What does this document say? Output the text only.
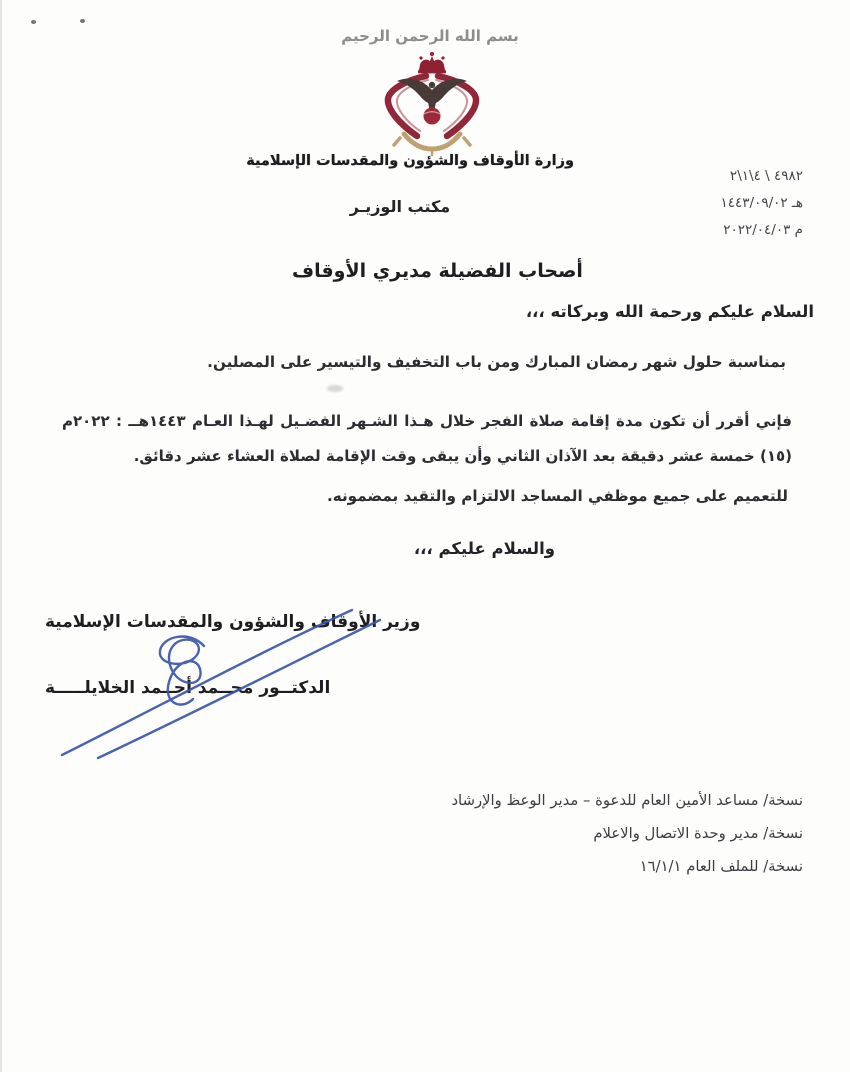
بسم الله الرحمن الرحيم
وزارة الأوقاف والشؤون والمقدسات الإسلامية
مكتب الوزيـر
٤٩٨٢ \ ٤\١\٢
هـ ١٤٤٣/٠٩/٠٢
م ٢٠٢٢/٠٤/٠٣
أصحاب الفضيلة مديري الأوقاف
السلام عليكم ورحمة الله وبركاته ،،،
بمناسبة حلول شهر رمضان المبارك ومن باب التخفيف والتيسير على المصلين.
فإني أقرر أن تكون مدة إقامة صلاة الفجر خلال هـذا الشـهر الفضـيل لهـذا العـام ١٤٤٣هــ : ٢٠٢٢م
(١٥) خمسة عشر دقيقة بعد الآذان الثاني وأن يبقى وقت الإقامة لصلاة العشاء عشر دقائق.
للتعميم على جميع موظفي المساجد الالتزام والتقيد بمضمونه.
والسلام عليكم ،،،
وزير الأوقاف والشؤون والمقدسات الإسلامية
الدكتــور محــمد أحــمد الخلايلـــــة
نسخة/ مساعد الأمين العام للدعوة – مدير الوعظ والإرشاد
نسخة/ مدير وحدة الاتصال والاعلام
نسخة/ للملف العام ١٦/١/١
